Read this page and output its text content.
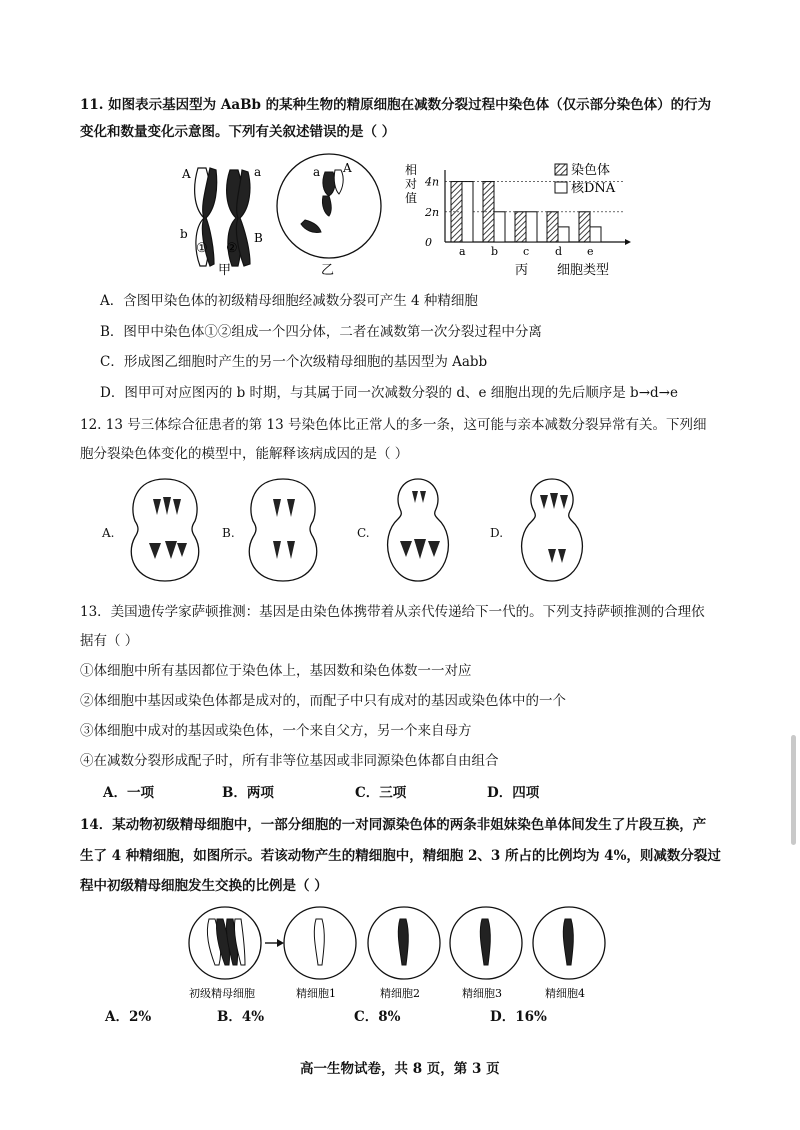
11. 如图表示基因型为 AaBb 的某种生物的精原细胞在减数分裂过程中染色体（仅示部分染色体）的行为
变化和数量变化示意图。下列有关叙述错误的是（ ）
A	a
b	B
① ②
甲
a A
乙
相
对
值
4n
2n
0
a b c d e
染色体
核DNA
丙 细胞类型
A．含图甲染色体的初级精母细胞经减数分裂可产生 4 种精细胞
B．图甲中染色体①②组成一个四分体，二者在减数第一次分裂过程中分离
C．形成图乙细胞时产生的另一个次级精母细胞的基因型为 Aabb
D．图甲可对应图丙的 b 时期，与其属于同一次减数分裂的 d、e 细胞出现的先后顺序是 b→d→e
12. 13 号三体综合征患者的第 13 号染色体比正常人的多一条，这可能与亲本减数分裂异常有关。下列细
胞分裂染色体变化的模型中，能解释该病成因的是（ ）
A.	B.	C.	D.
13．美国遗传学家萨顿推测：基因是由染色体携带着从亲代传递给下一代的。下列支持萨顿推测的合理依
据有（ ）
①体细胞中所有基因都位于染色体上，基因数和染色体数一一对应
②体细胞中基因或染色体都是成对的，而配子中只有成对的基因或染色体中的一个
③体细胞中成对的基因或染色体，一个来自父方，另一个来自母方
④在减数分裂形成配子时，所有非等位基因或非同源染色体都自由组合
A．一项	B．两项	C．三项	D．四项
14．某动物初级精母细胞中，一部分细胞的一对同源染色体的两条非姐妹染色单体间发生了片段互换，产
生了 4 种精细胞，如图所示。若该动物产生的精细胞中，精细胞 2、3 所占的比例均为 4%，则减数分裂过
程中初级精母细胞发生交换的比例是（ ）
初级精母细胞	精细胞1	精细胞2	精细胞3	精细胞4
A．2%	B．4%	C．8%	D．16%
高一生物试卷，共 8 页，第 3 页
